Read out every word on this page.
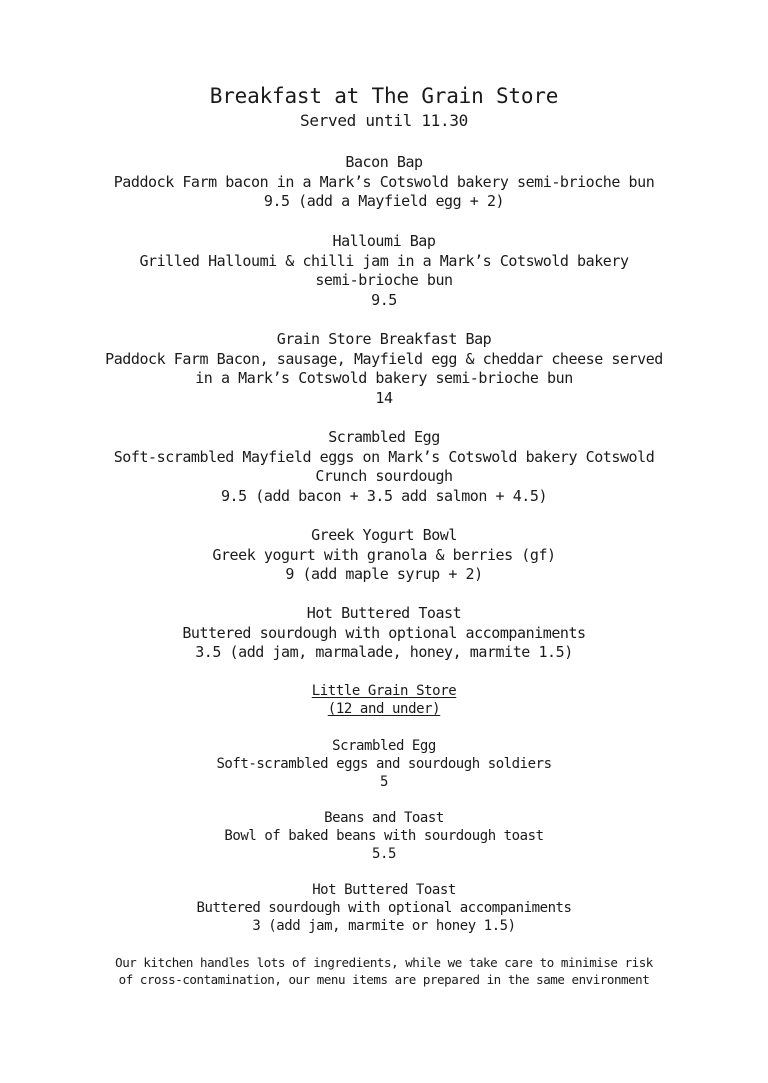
Breakfast at The Grain Store
Served until 11.30
Bacon Bap
Paddock Farm bacon in a Mark’s Cotswold bakery semi-brioche bun
9.5 (add a Mayfield egg + 2)
Halloumi Bap
Grilled Halloumi & chilli jam in a Mark’s Cotswold bakery
semi-brioche bun
9.5
Grain Store Breakfast Bap
Paddock Farm Bacon, sausage, Mayfield egg & cheddar cheese served
in a Mark’s Cotswold bakery semi-brioche bun
14
Scrambled Egg
Soft-scrambled Mayfield eggs on Mark’s Cotswold bakery Cotswold
Crunch sourdough
9.5 (add bacon + 3.5 add salmon + 4.5)
Greek Yogurt Bowl
Greek yogurt with granola & berries (gf)
9 (add maple syrup + 2)
Hot Buttered Toast
Buttered sourdough with optional accompaniments
3.5 (add jam, marmalade, honey, marmite 1.5)
Little Grain Store
(12 and under)
Scrambled Egg
Soft-scrambled eggs and sourdough soldiers
5
Beans and Toast
Bowl of baked beans with sourdough toast
5.5
Hot Buttered Toast
Buttered sourdough with optional accompaniments
3 (add jam, marmite or honey 1.5)
Our kitchen handles lots of ingredients, while we take care to minimise risk
of cross-contamination, our menu items are prepared in the same environment
